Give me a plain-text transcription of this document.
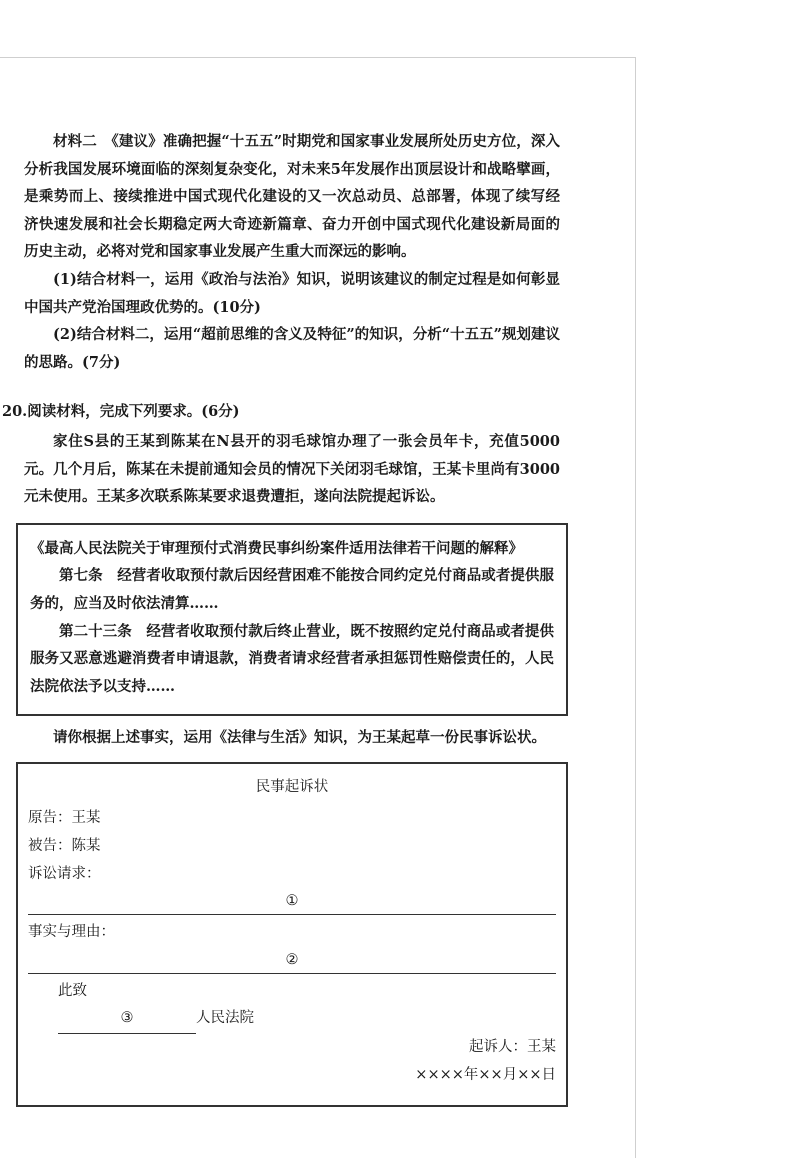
材料二　 《建议》准确把握“十五五”时期党和国家事业发展所处历史方位，深入分析我国发展环境面临的深刻复杂变化，对未来5年发展作出顶层设计和战略擘画，是乘势而上、接续推进中国式现代化建设的又一次总动员、总部署，体现了续写经济快速发展和社会长期稳定两大奇迹新篇章、奋力开创中国式现代化建设新局面的历史主动，必将对党和国家事业发展产生重大而深远的影响。

(1)结合材料一，运用《政治与法治》知识，说明该建议的制定过程是如何彰显中国共产党治国理政优势的。(10分)

(2)结合材料二，运用“超前思维的含义及特征”的知识，分析“十五五”规划建议的思路。(7分)

20.阅读材料，完成下列要求。(6分)

家住S县的王某到陈某在N县开的羽毛球馆办理了一张会员年卡，充值5000元。几个月后，陈某在未提前通知会员的情况下关闭羽毛球馆，王某卡里尚有3000元未使用。王某多次联系陈某要求退费遭拒，遂向法院提起诉讼。

《最高人民法院关于审理预付式消费民事纠纷案件适用法律若干问题的解释》

第七条　经营者收取预付款后因经营困难不能按合同约定兑付商品或者提供服务的，应当及时依法清算……

第二十三条　经营者收取预付款后终止营业，既不按照约定兑付商品或者提供服务又恶意逃避消费者申请退款，消费者请求经营者承担惩罚性赔偿责任的，人民法院依法予以支持……

请你根据上述事实，运用《法律与生活》知识，为王某起草一份民事诉讼状。

民事起诉状
原告：王某
被告：陈某
诉讼请求：
①
事实与理由：
②
此致
③	人民法院
起诉人：王某
××××年××月××日
